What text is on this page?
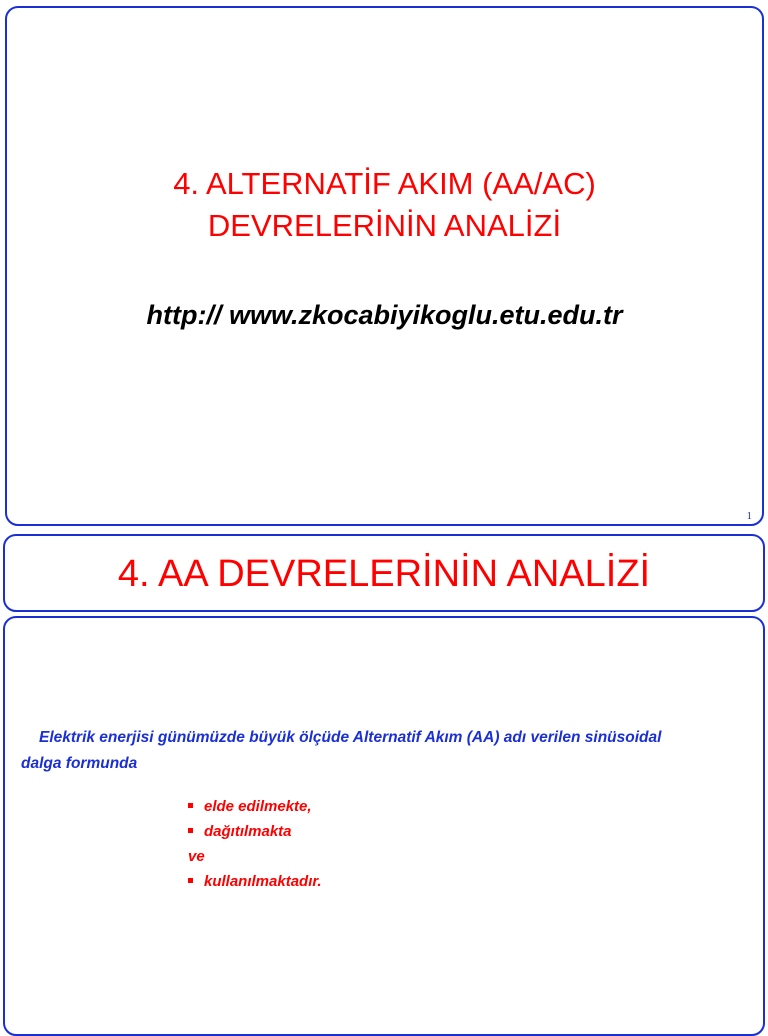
4. ALTERNATİF AKIM (AA/AC)
DEVRELERİNİN ANALİZİ
http:// www.zkocabiyikoglu.etu.edu.tr
1
4. AA DEVRELERİNİN ANALİZİ
Elektrik enerjisi günümüzde büyük ölçüde Alternatif Akım (AA) adı verilen sinüsoidal
dalga formunda
elde edilmekte,
dağıtılmakta
ve
kullanılmaktadır.
